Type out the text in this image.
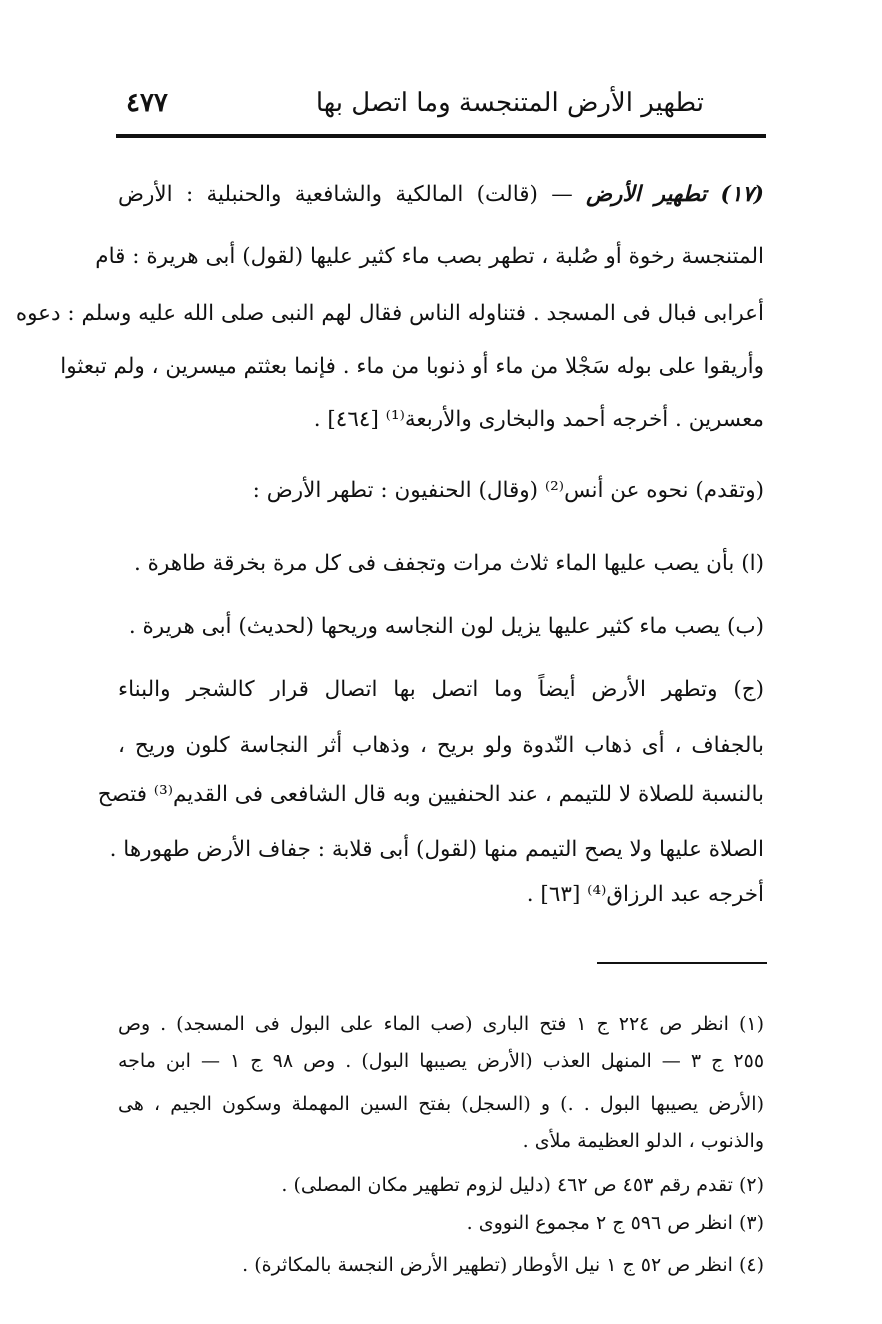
تطهير الأرض المتنجسة وما اتصل بها
٤٧٧
(١٧) تطهير الأرض — (قالت) المالكية والشافعية والحنبلية : الأرض
المتنجسة رخوة أو صُلبة ، تطهر بصب ماء كثير عليها (لقول) أبى هريرة : قام
أعرابى فبال فى المسجد . فتناوله الناس فقال لهم النبى صلى الله عليه وسلم : دعوه
وأريقوا على بوله سَجْلا من ماء أو ذنوبا من ماء . فإنما بعثتم ميسرين ، ولم تبعثوا
معسرين . أخرجه أحمد والبخارى والأربعة⁽¹⁾ [٤٦٤] .
(وتقدم) نحوه عن أنس⁽²⁾ (وقال) الحنفيون : تطهر الأرض :
(ا) بأن يصب عليها الماء ثلاث مرات وتجفف فى كل مرة بخرقة طاهرة .
(ب) يصب ماء كثير عليها يزيل لون النجاسه وريحها (لحديث) أبى هريرة .
(ج) وتطهر الأرض أيضاً وما اتصل بها اتصال قرار كالشجر والبناء
بالجفاف ، أى ذهاب النّدوة ولو بريح ، وذهاب أثر النجاسة كلون وريح ،
بالنسبة للصلاة لا للتيمم ، عند الحنفيين وبه قال الشافعى فى القديم⁽³⁾ فتصح
الصلاة عليها ولا يصح التيمم منها (لقول) أبى قلابة : جفاف الأرض طهورها .
أخرجه عبد الرزاق⁽⁴⁾ [٦٣] .
(١) انظر ص ٢٢٤ ج ١ فتح البارى (صب الماء على البول فى المسجد) . وص
٢٥٥ ج ٣ — المنهل العذب (الأرض يصيبها البول) . وص ٩٨ ج ١ — ابن ماجه
(الأرض يصيبها البول . .) و (السجل) بفتح السين المهملة وسكون الجيم ، هى
والذنوب ، الدلو العظيمة ملأى .
(٢) تقدم رقم ٤٥٣ ص ٤٦٢ (دليل لزوم تطهير مكان المصلى) .
(٣) انظر ص ٥٩٦ ج ٢ مجموع النووى .
(٤) انظر ص ٥٢ ج ١ نيل الأوطار (تطهير الأرض النجسة بالمكاثرة) .
